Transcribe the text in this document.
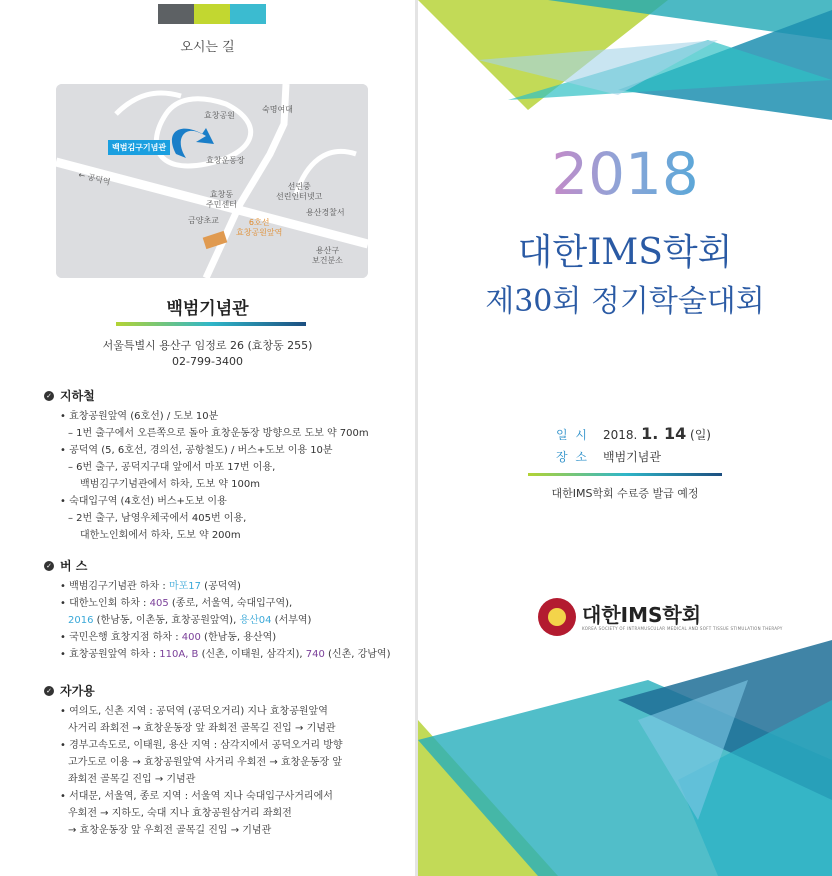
오시는 길
백범김구기념관
효창공원
숙명여대
효창운동장
← 공덕역
효창동
주민센터
선린중
선린인터넷고
용산경찰서
금양초교
용산구
보건분소
6호선
효창공원앞역
백범기념관
서울특별시 용산구 임정로 26 (효창동 255)
02-799-3400
✓ 지하철
• 효창공원앞역 (6호선) / 도보 10분
– 1번 출구에서 오른쪽으로 돌아 효창운동장 방향으로 도보 약 700m
• 공덕역 (5, 6호선, 경의선, 공항철도) / 버스+도보 이용 10분
– 6번 출구, 공덕지구대 앞에서 마포 17번 이용,
백범김구기념관에서 하차, 도보 약 100m
• 숙대입구역 (4호선) 버스+도보 이용
– 2번 출구, 남영우체국에서 405번 이용,
대한노인회에서 하차, 도보 약 200m
✓ 버 스
• 백범김구기념관 하차 : 마포17 (공덕역)
• 대한노인회 하차 : 405 (종로, 서울역, 숙대입구역),
2016 (한남동, 이촌동, 효창공원앞역), 용산04 (서부역)
• 국민은행 효창지점 하차 : 400 (한남동, 용산역)
• 효창공원앞역 하차 : 110A, B (신촌, 이태원, 삼각지), 740 (신촌, 강남역)
✓ 자가용
• 여의도, 신촌 지역 : 공덕역 (공덕오거리) 지나 효창공원앞역
사거리 좌회전 → 효창운동장 앞 좌회전 골목길 진입 → 기념관
• 경부고속도로, 이태원, 용산 지역 : 삼각지에서 공덕오거리 방향
고가도로 이용 → 효창공원앞역 사거리 우회전 → 효창운동장 앞
좌회전 골목길 진입 → 기념관
• 서대문, 서울역, 종로 지역 : 서울역 지나 숙대입구사거리에서
우회전 → 지하도, 숙대 지나 효창공원삼거리 좌회전
→ 효창운동장 앞 우회전 골목길 진입 → 기념관
2018
대한IMS학회
제30회 정기학술대회
일 시 2018. 1. 14 (일)
장 소 백범기념관
대한IMS학회 수료증 발급 예정
대한IMS학회
KOREA SOCIETY OF INTRAMUSCULAR MEDICAL AND SOFT TISSUE STIMULATION THERAPY
